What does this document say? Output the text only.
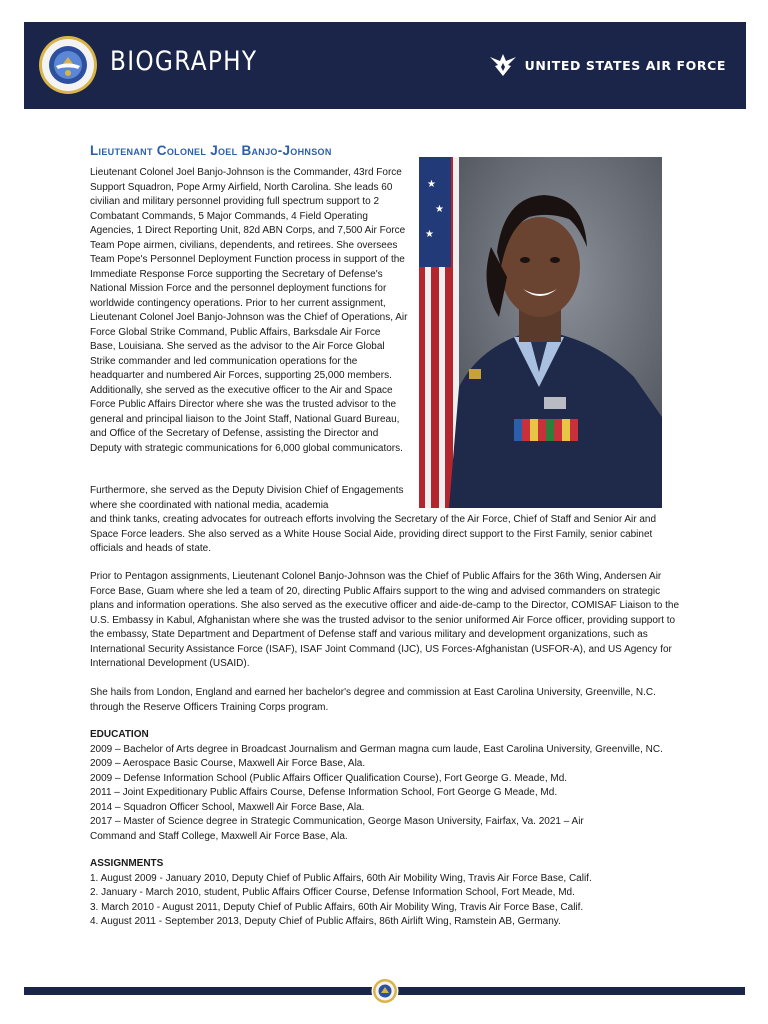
BIOGRAPHY	UNITED STATES AIR FORCE
Lieutenant Colonel Joel Banjo-Johnson
★
★
★

Lieutenant Colonel Joel Banjo-Johnson is the Commander, 43rd Force Support Squadron, Pope Army Airfield, North Carolina. She leads 60 civilian and military personnel providing full spectrum support to 2 Combatant Commands, 5 Major Commands, 4 Field Operating Agencies, 1 Direct Reporting Unit, 82d ABN Corps, and 7,500 Air Force Team Pope airmen, civilians, dependents, and retirees. She oversees Team Pope's Personnel Deployment Function process in support of the Immediate Response Force supporting the Secretary of Defense's National Mission Force and the personnel deployment functions for worldwide contingency operations. Prior to her current assignment, Lieutenant Colonel Joel Banjo-Johnson was the Chief of Operations, Air Force Global Strike Command, Public Affairs, Barksdale Air Force Base, Louisiana. She served as the advisor to the Air Force Global Strike commander and led communication operations for the headquarter and numbered Air Forces, supporting 25,000 members. Additionally, she served as the executive officer to the Air and Space Force Public Affairs Director where she was the trusted advisor to the general and principal liaison to the Joint Staff, National Guard Bureau, and Office of the Secretary of Defense, assisting the Director and Deputy with strategic communications for 6,000 global communicators.

Furthermore, she served as the Deputy Division Chief of Engagements where she coordinated with national media, academia

and think tanks, creating advocates for outreach efforts involving the Secretary of the Air Force, Chief of Staff and Senior Air and Space Force leaders. She also served as a White House Social Aide, providing direct support to the First Family, senior cabinet officials and heads of state.

Prior to Pentagon assignments, Lieutenant Colonel Banjo-Johnson was the Chief of Public Affairs for the 36th Wing, Andersen Air Force Base, Guam where she led a team of 20, directing Public Affairs support to the wing and advised commanders on strategic plans and information operations. She also served as the executive officer and aide-de-camp to the Director, COMISAF Liaison to the U.S. Embassy in Kabul, Afghanistan where she was the trusted advisor to the senior uniformed Air Force officer, providing support to the embassy, State Department and Department of Defense staff and various military and development organizations, such as International Security Assistance Force (ISAF), ISAF Joint Command (IJC), US Forces-Afghanistan (USFOR-A), and US Agency for International Development (USAID).

She hails from London, England and earned her bachelor's degree and commission at East Carolina University, Greenville, N.C. through the Reserve Officers Training Corps program.

EDUCATION

2009 – Bachelor of Arts degree in Broadcast Journalism and German magna cum laude, East Carolina University, Greenville, NC.
2009 – Aerospace Basic Course, Maxwell Air Force Base, Ala.
2009 – Defense Information School (Public Affairs Officer Qualification Course), Fort George G. Meade, Md.
2011 – Joint Expeditionary Public Affairs Course, Defense Information School, Fort George G Meade, Md.
2014 – Squadron Officer School, Maxwell Air Force Base, Ala.
2017 – Master of Science degree in Strategic Communication, George Mason University, Fairfax, Va. 2021 – Air Command and Staff College, Maxwell Air Force Base, Ala.

ASSIGNMENTS

1. August 2009 - January 2010, Deputy Chief of Public Affairs, 60th Air Mobility Wing, Travis Air Force Base, Calif.
2. January - March 2010, student, Public Affairs Officer Course, Defense Information School, Fort Meade, Md.
3. March 2010 - August 2011, Deputy Chief of Public Affairs, 60th Air Mobility Wing, Travis Air Force Base, Calif.
4. August 2011 - September 2013, Deputy Chief of Public Affairs, 86th Airlift Wing, Ramstein AB, Germany.
